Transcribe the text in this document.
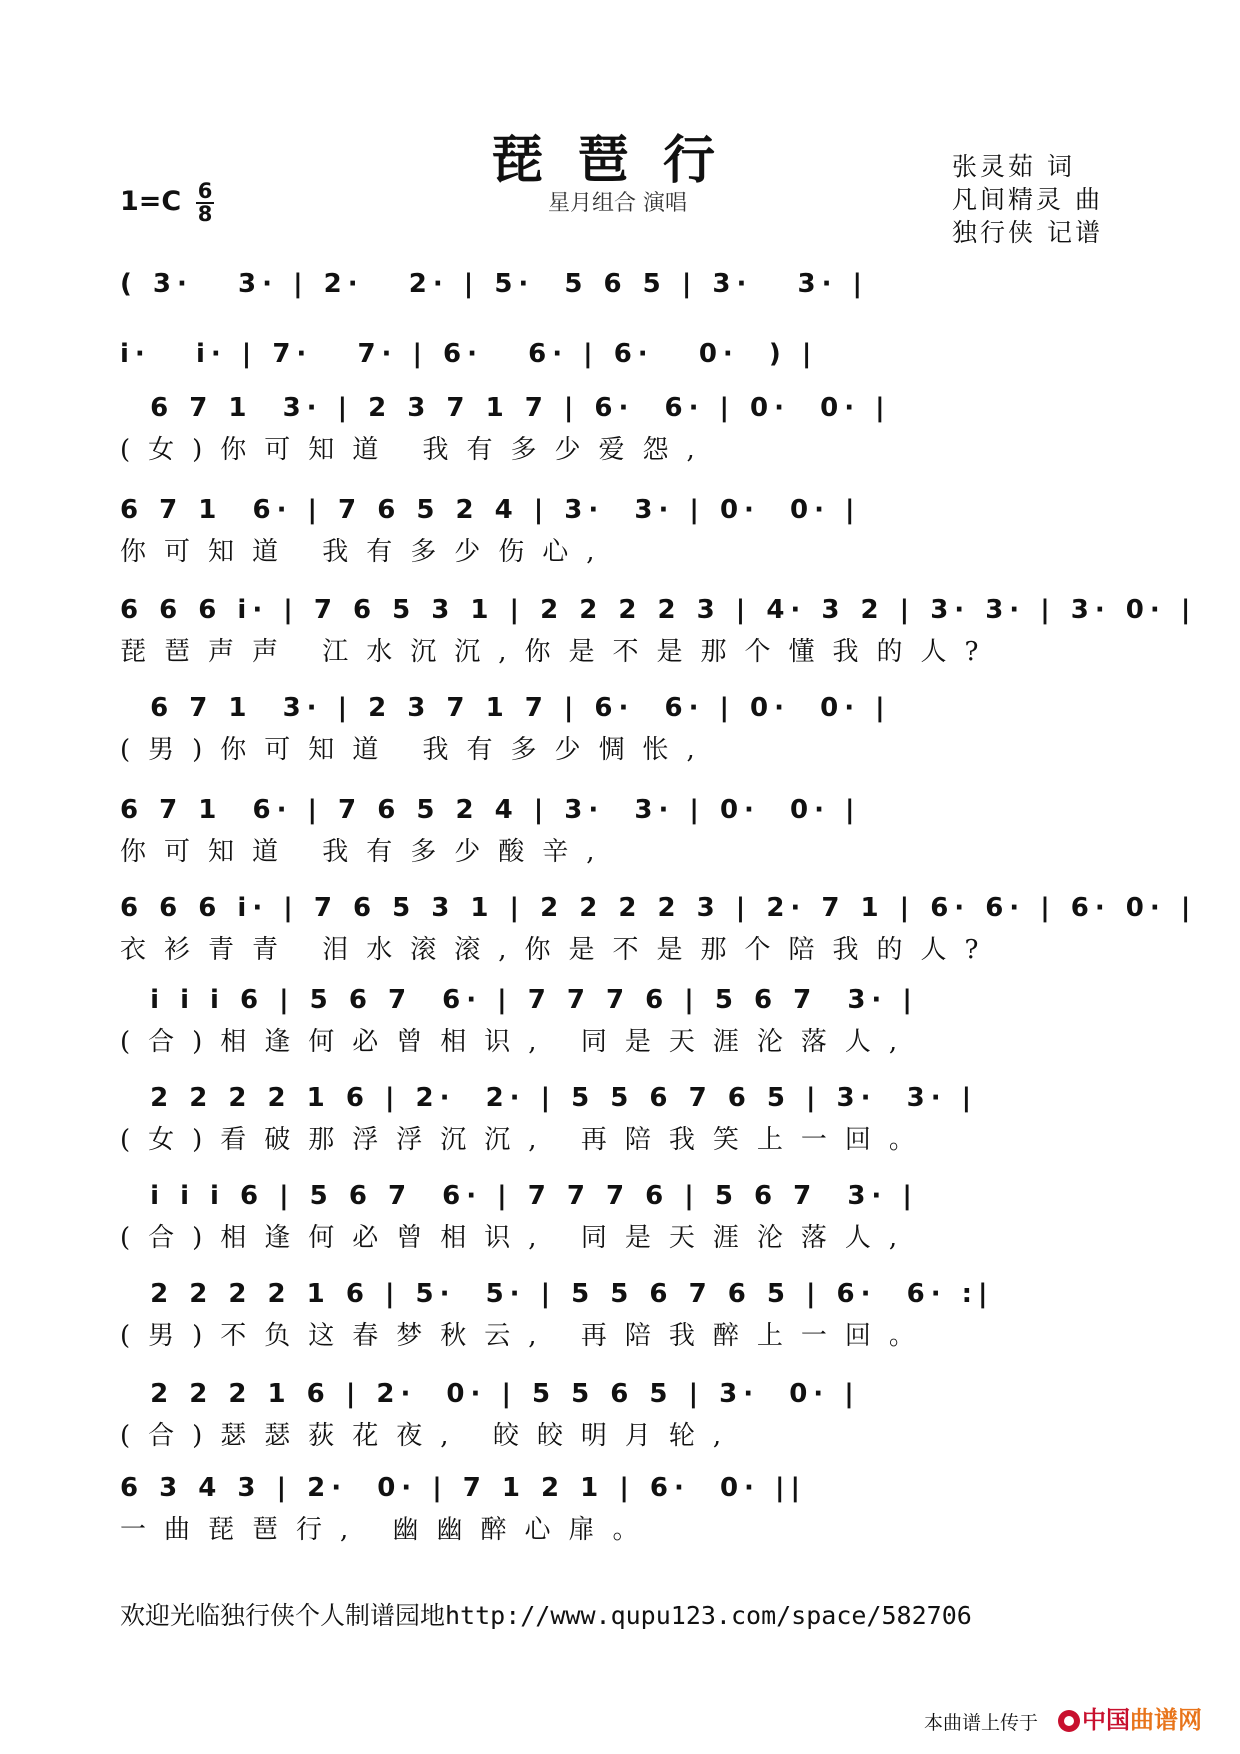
琵琶行
星月组合 演唱
1=C 6
8
张灵茹 词
凡间精灵 曲
独行侠 记谱
( 3·   3· | 2·   2· | 5·  5 6 5 | 3·   3· |
i·   i· | 7·   7· | 6·   6· | 6·   0·  ) |
6 7 1  3· | 2 3 7 1 7 | 6·  6· | 0·  0· |
(女)你可知道 我有多少爱怨,
6 7 1  6· | 7 6 5 2 4 | 3·  3· | 0·  0· |
你可知道 我有多少伤心,
6 6 6 i· | 7 6 5 3 1 | 2 2 2 2 3 | 4· 3 2 | 3· 3· | 3· 0· |
琵琶声声 江水沉沉,你是不是那个懂我的人?
6 7 1  3· | 2 3 7 1 7 | 6·  6· | 0·  0· |
(男)你可知道 我有多少惆怅,
6 7 1  6· | 7 6 5 2 4 | 3·  3· | 0·  0· |
你可知道 我有多少酸辛,
6 6 6 i· | 7 6 5 3 1 | 2 2 2 2 3 | 2· 7 1 | 6· 6· | 6· 0· |
衣衫青青 泪水滚滚,你是不是那个陪我的人?
i i i 6 | 5 6 7  6· | 7 7 7 6 | 5 6 7  3· |
(合)相逢何必曾相识, 同是天涯沦落人,
2 2 2 2 1 6 | 2·  2· | 5 5 6 7 6 5 | 3·  3· |
(女)看破那浮浮沉沉, 再陪我笑上一回。
i i i 6 | 5 6 7  6· | 7 7 7 6 | 5 6 7  3· |
(合)相逢何必曾相识, 同是天涯沦落人,
2 2 2 2 1 6 | 5·  5· | 5 5 6 7 6 5 | 6·  6· :|
(男)不负这春梦秋云, 再陪我醉上一回。
2 2 2 1 6 | 2·  0· | 5 5 6 5 | 3·  0· |
(合)瑟瑟荻花夜, 皎皎明月轮,
6 3 4 3 | 2·  0· | 7 1 2 1 | 6·  0· ||
一曲琵琶行, 幽幽醉心扉。
欢迎光临独行侠个人制谱园地http://www.qupu123.com/space/582706
本曲谱上传于	中国曲谱网
